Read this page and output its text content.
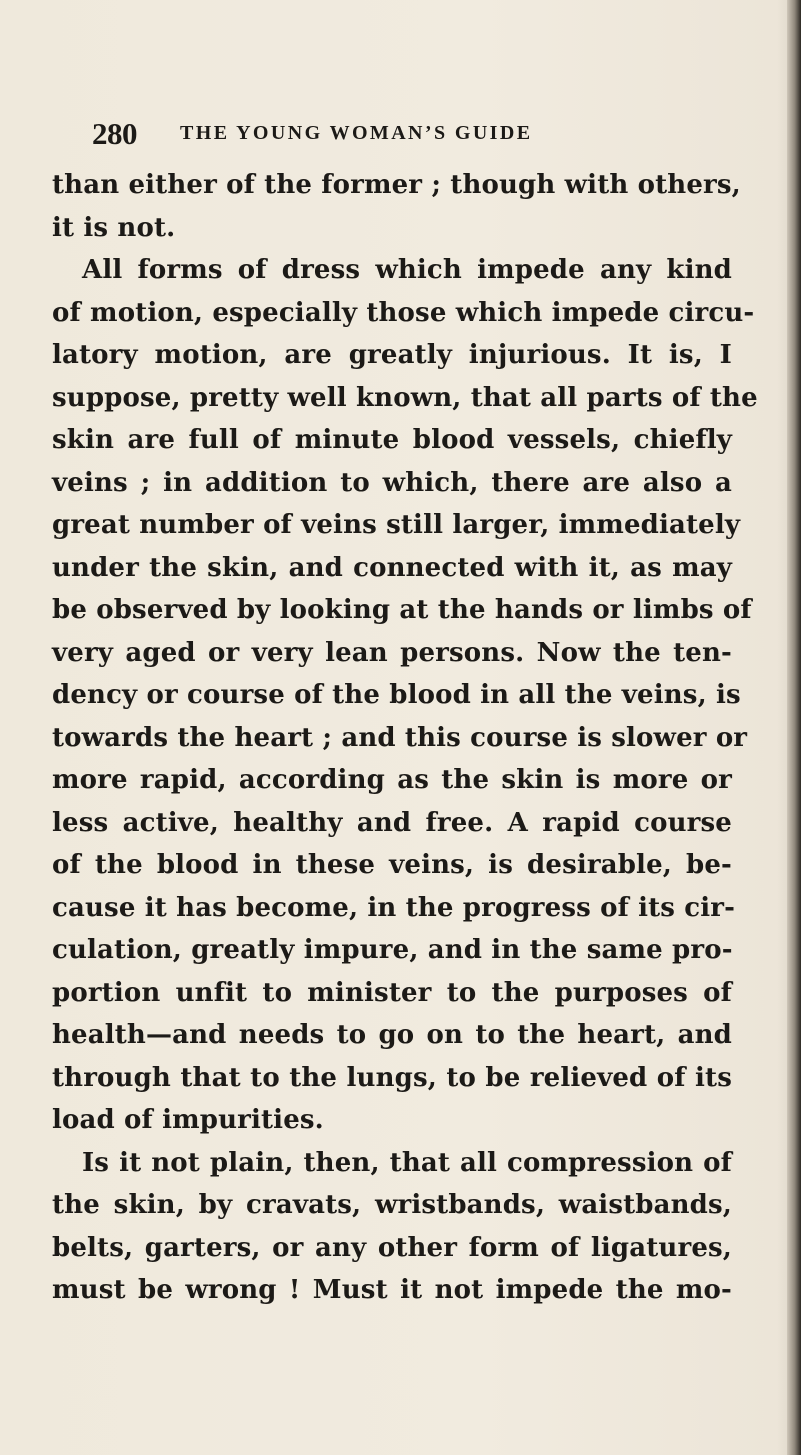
280 THE YOUNG WOMAN’S GUIDE
than either of the former ; though with others,
it is not.
All forms of dress which impede any kind
of motion, especially those which impede circu-
latory motion, are greatly injurious. It is, I
suppose, pretty well known, that all parts of the
skin are full of minute blood vessels, chiefly
veins ; in addition to which, there are also a
great number of veins still larger, immediately
under the skin, and connected with it, as may
be observed by looking at the hands or limbs of
very aged or very lean persons. Now the ten-
dency or course of the blood in all the veins, is
towards the heart ; and this course is slower or
more rapid, according as the skin is more or
less active, healthy and free. A rapid course
of the blood in these veins, is desirable, be-
cause it has become, in the progress of its cir-
culation, greatly impure, and in the same pro-
portion unfit to minister to the purposes of
health—and needs to go on to the heart, and
through that to the lungs, to be relieved of its
load of impurities.
Is it not plain, then, that all compression of
the skin, by cravats, wristbands, waistbands,
belts, garters, or any other form of ligatures,
must be wrong ! Must it not impede the mo-
